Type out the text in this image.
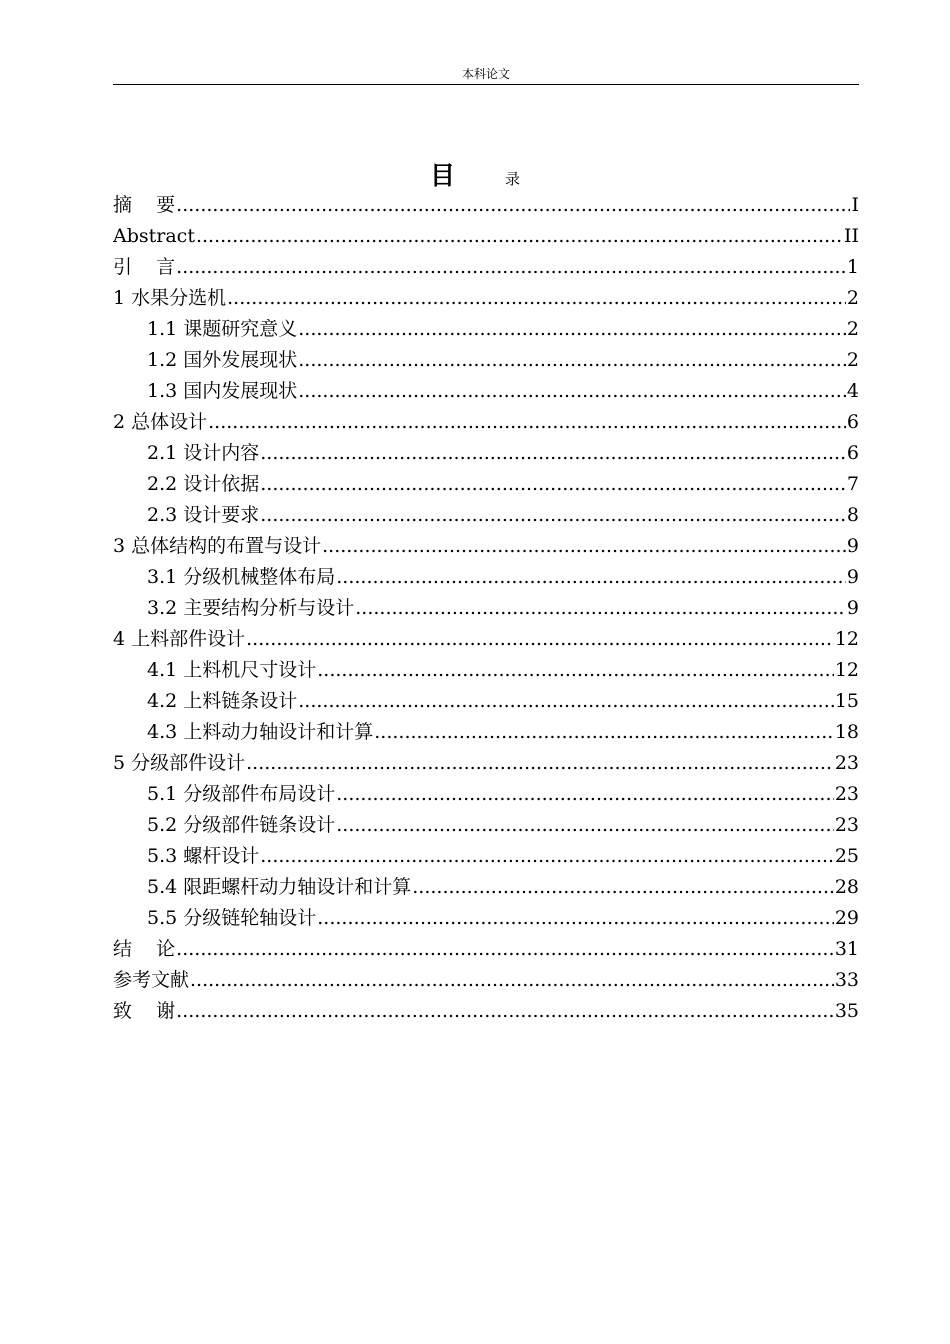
本科论文
目	录
摘    要 .....	I
Abstract .....	II
引    言 .....	1
1 水果分选机 .....	2
1.1 课题研究意义 .....	2
1.2 国外发展现状 .....	2
1.3 国内发展现状 .....	4
2 总体设计 .....	6
2.1 设计内容 .....	6
2.2 设计依据 .....	7
2.3 设计要求 .....	8
3 总体结构的布置与设计 .....	9
3.1 分级机械整体布局 .....	9
3.2 主要结构分析与设计 .....	9
4 上料部件设计 .....	12
4.1 上料机尺寸设计 .....	12
4.2 上料链条设计 .....	15
4.3 上料动力轴设计和计算 .....	18
5 分级部件设计 .....	23
5.1 分级部件布局设计 .....	23
5.2 分级部件链条设计 .....	23
5.3 螺杆设计 .....	25
5.4 限距螺杆动力轴设计和计算 .....	28
5.5 分级链轮轴设计 .....	29
结    论 .....	31
参考文献 .....	33
致    谢 .....	35
